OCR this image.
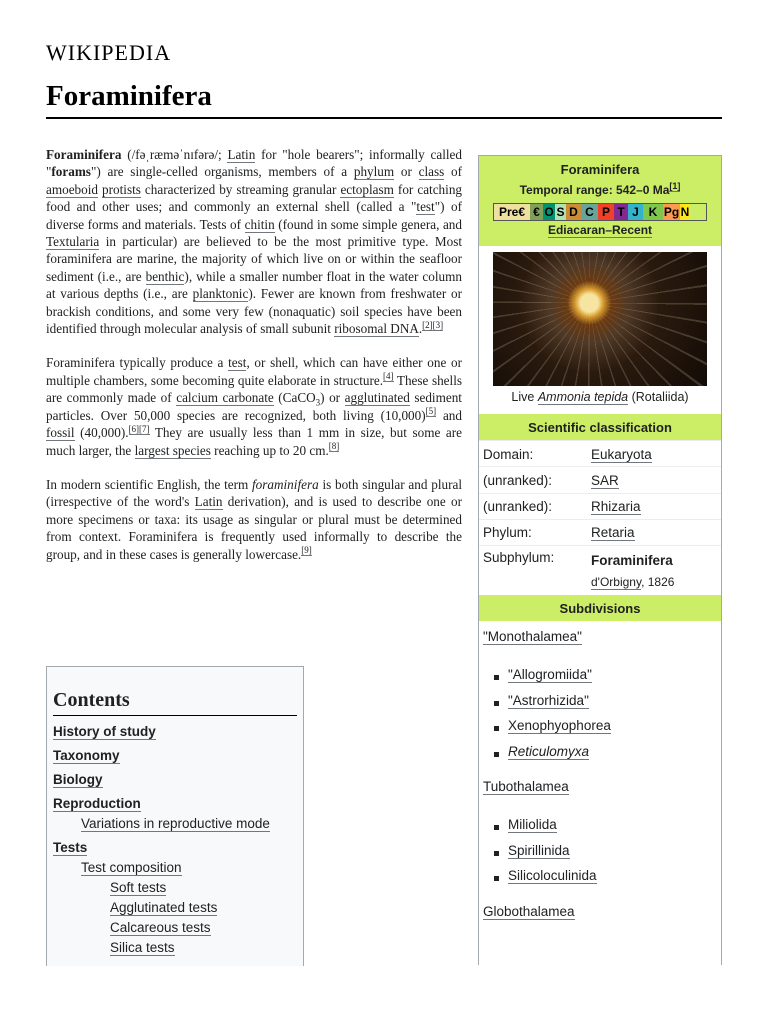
WIKIPEDIA
Foraminifera

Foraminifera (/fəˌræməˈnɪfərə/; Latin for "hole bearers"; informally called "forams") are single-celled organisms, members of a phylum or class of amoeboid protists characterized by streaming granular ectoplasm for catching food and other uses; and commonly an external shell (called a "test") of diverse forms and materials. Tests of chitin (found in some simple genera, and Textularia in particular) are believed to be the most primitive type. Most foraminifera are marine, the majority of which live on or within the seafloor sediment (i.e., are benthic), while a smaller number float in the water column at various depths (i.e., are planktonic). Fewer are known from freshwater or brackish conditions, and some very few (nonaquatic) soil species have been identified through molecular analysis of small subunit ribosomal DNA.[2][3]

Foraminifera typically produce a test, or shell, which can have either one or multiple chambers, some becoming quite elaborate in structure.[4] These shells are commonly made of calcium carbonate (CaCO$_3$) or agglutinated sediment particles. Over 50,000 species are recognized, both living (10,000)[5] and fossil (40,000).[6][7] They are usually less than 1 mm in size, but some are much larger, the largest species reaching up to 20 cm.[8]

In modern scientific English, the term foraminifera is both singular and plural (irrespective of the word's Latin derivation), and is used to describe one or more specimens or taxa: its usage as singular or plural must be determined from context. Foraminifera is frequently used informally to describe the group, and in these cases is generally lowercase.[9]

Contents
History of study
Taxonomy
Biology
Reproduction
Variations in reproductive mode
Tests
Test composition
Soft tests
Agglutinated tests
Calcareous tests
Silica tests
Foraminifera
Temporal range: 542–0 Ma[1]
Pre€ € O S D C P T J K Pg N
Ediacaran–Recent
Live Ammonia tepida (Rotaliida)
Scientific classification
Domain:	Eukaryota
(unranked):	SAR
(unranked):	Rhizaria
Phylum:	Retaria
Subphylum:	Foraminifera
d'Orbigny, 1826
Subdivisions
"Monothalamea"
"Allogromiida"
"Astrorhizida"
Xenophyophorea
Reticulomyxa
Tubothalamea
Miliolida
Spirillinida
Silicoloculinida
Globothalamea
